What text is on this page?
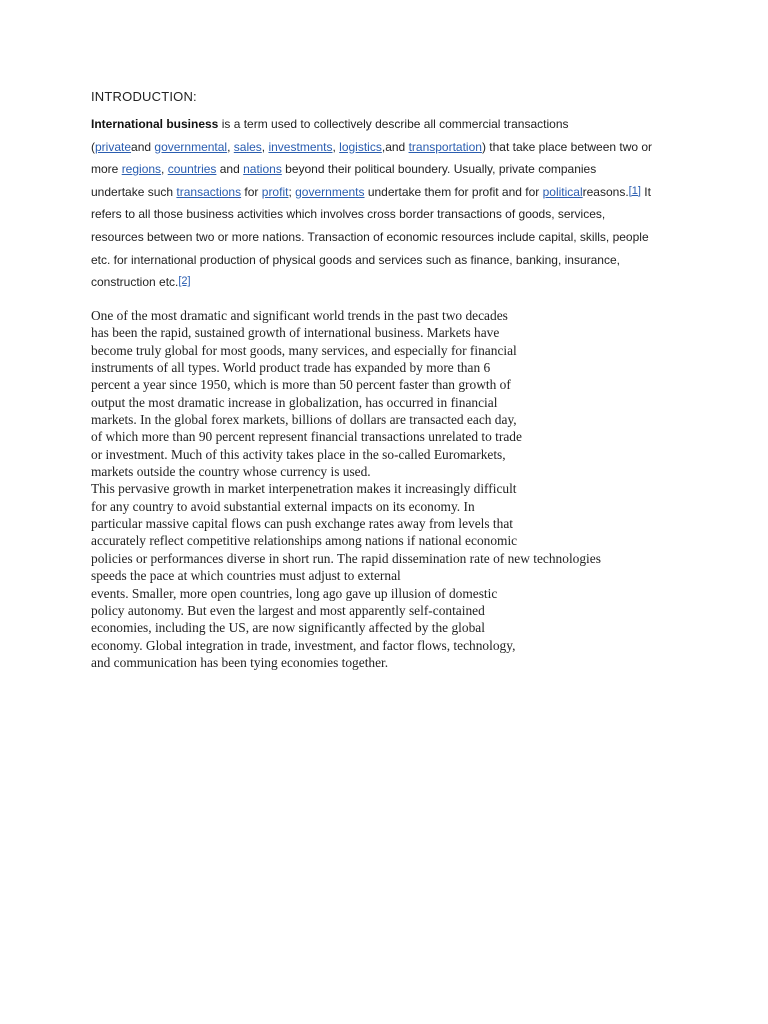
INTRODUCTION:
International business is a term used to collectively describe all commercial transactions
(privateand governmental, sales, investments, logistics,and transportation) that take place between two or
more regions, countries and nations beyond their political boundery. Usually, private companies
undertake such transactions for profit; governments undertake them for profit and for politicalreasons.[1] It
refers to all those business activities which involves cross border transactions of goods, services,
resources between two or more nations. Transaction of economic resources include capital, skills, people
etc. for international production of physical goods and services such as finance, banking, insurance,
construction etc.[2]
One of the most dramatic and significant world trends in the past two decades
has been the rapid, sustained growth of international business. Markets have
become truly global for most goods, many services, and especially for financial
instruments of all types. World product trade has expanded by more than 6
percent a year since 1950, which is more than 50 percent faster than growth of
output the most dramatic increase in globalization, has occurred in financial
markets. In the global forex markets, billions of dollars are transacted each day,
of which more than 90 percent represent financial transactions unrelated to trade
or investment. Much of this activity takes place in the so-called Euromarkets,
markets outside the country whose currency is used.
This pervasive growth in market interpenetration makes it increasingly difficult
for any country to avoid substantial external impacts on its economy. In
particular massive capital flows can push exchange rates away from levels that
accurately reflect competitive relationships among nations if national economic
policies or performances diverse in short run. The rapid dissemination rate of new technologies
speeds the pace at which countries must adjust to external
events. Smaller, more open countries, long ago gave up illusion of domestic
policy autonomy. But even the largest and most apparently self-contained
economies, including the US, are now significantly affected by the global
economy. Global integration in trade, investment, and factor flows, technology,
and communication has been tying economies together.
